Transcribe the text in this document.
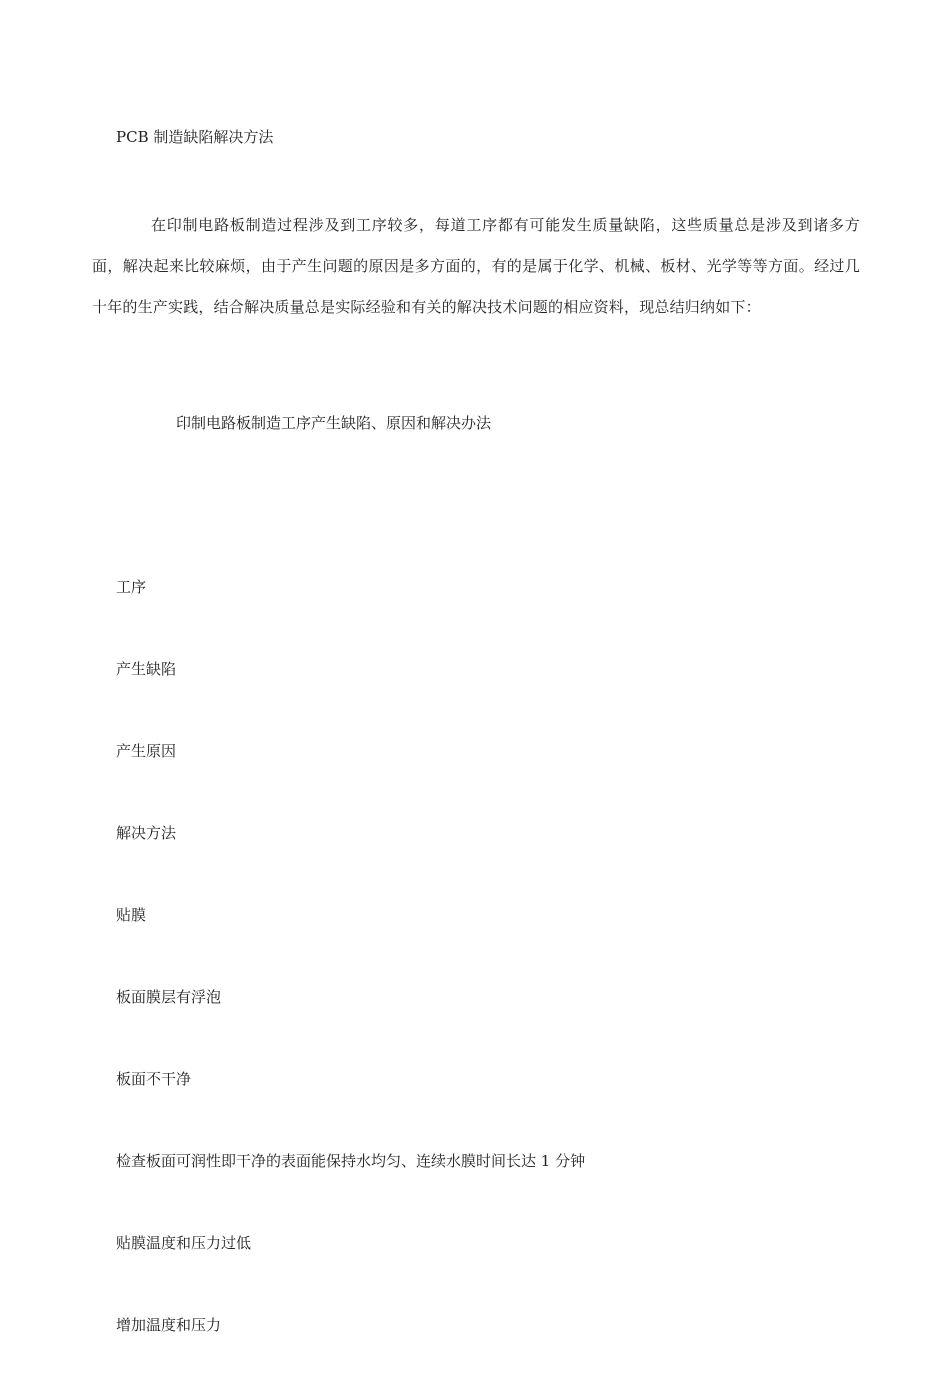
PCB 制造缺陷解决方法

在印制电路板制造过程涉及到工序较多，每道工序都有可能发生质量缺陷，这些质量总是涉及到诸多方面，解决起来比较麻烦，由于产生问题的原因是多方面的，有的是属于化学、机械、板材、光学等等方面。经过几十年的生产实践，结合解决质量总是实际经验和有关的解决技术问题的相应资料，现总结归纳如下：

印制电路板制造工序产生缺陷、原因和解决办法
工序
产生缺陷
产生原因
解决方法
贴膜
板面膜层有浮泡
板面不干净
检查板面可润性即干净的表面能保持水均匀、连续水膜时间长达 1 分钟
贴膜温度和压力过低
增加温度和压力
